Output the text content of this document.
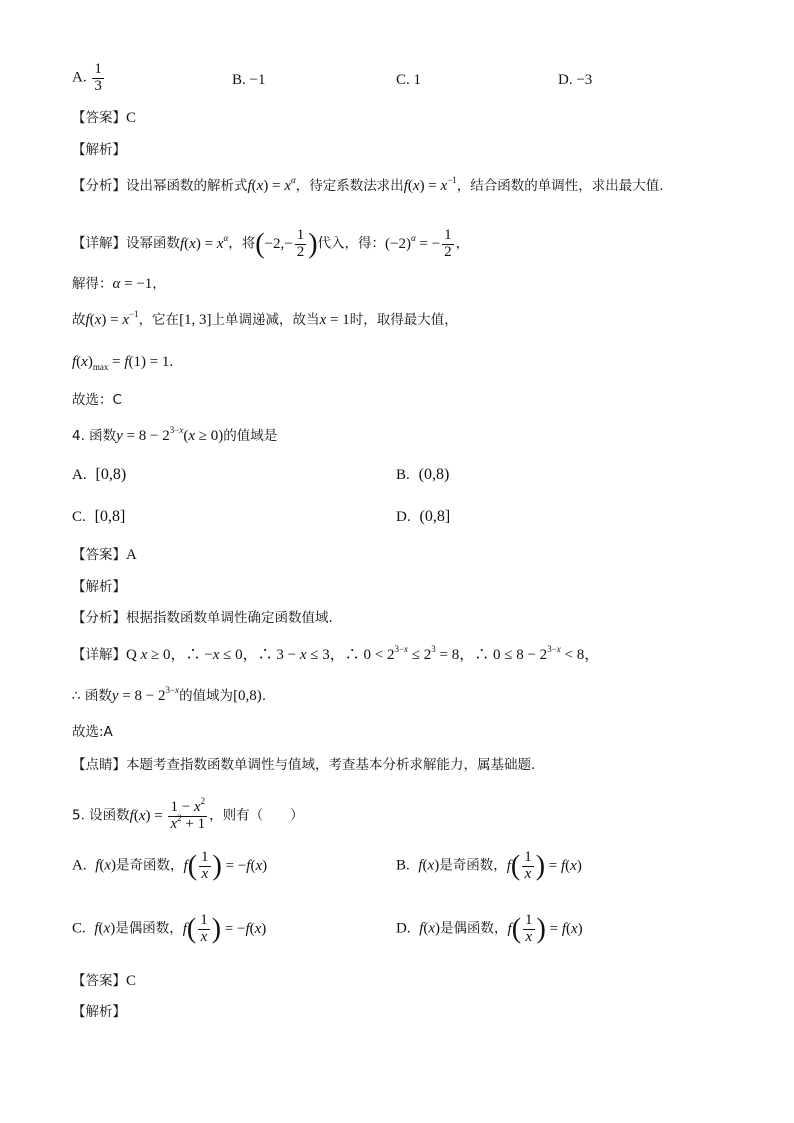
A. $\frac{1}{3}$	B. −1	C. 1	D. −3
【答案】C
【解析】
【分析】设出幂函数的解析式$f(x) = x^\alpha$，待定系数法求出$f(x) = x^{-1}$，结合函数的单调性，求出最大值.
【详解】设幂函数$f(x) = x^\alpha$，将($-2,- \frac{1}{2}$ )代入，得：$(-2)^\alpha$ = − $\frac{1}{2}$ ，
解得：α = −1，
故$f(x) = x^{-1}$，它在[1, 3]上单调递减，故当x = 1时，取得最大值，
$f(x)_{max} = f(1) = 1$.
故选：C
4. 函数$y = 8 - 2^{3-x}(x \ge 0)$的值域是
A. [0,8)	B. (0,8)
C. [0,8]	D. (0,8]
【答案】A
【解析】
【分析】根据指数函数单调性确定函数值域.
【详解】Q x ≥ 0，∴ −x ≤ 0，∴ 3 − x ≤ 3，∴ $0 < 2^{3-x} \le 2^3 = 8$，∴ $0 \le 8 - 2^{3-x} < 8$，
∴ 函数$y = 8 - 2^{3-x}$的值域为[0,8).
故选:A
【点睛】本题考查指数函数单调性与值域，考查基本分析求解能力，属基础题.
5. 设函数$f(x) = \frac{1 - x^2}{x^2 + 1}$ ，则有（　　）
A. f(x)是奇函数，$f( \frac{1}{x}$ ) = −f(x)	B. f(x)是奇函数，$f( \frac{1}{x}$ ) = f(x)
C. f(x)是偶函数，$f( \frac{1}{x}$ ) = −f(x)	D. f(x)是偶函数，$f( \frac{1}{x}$ ) = f(x)
【答案】C
【解析】
